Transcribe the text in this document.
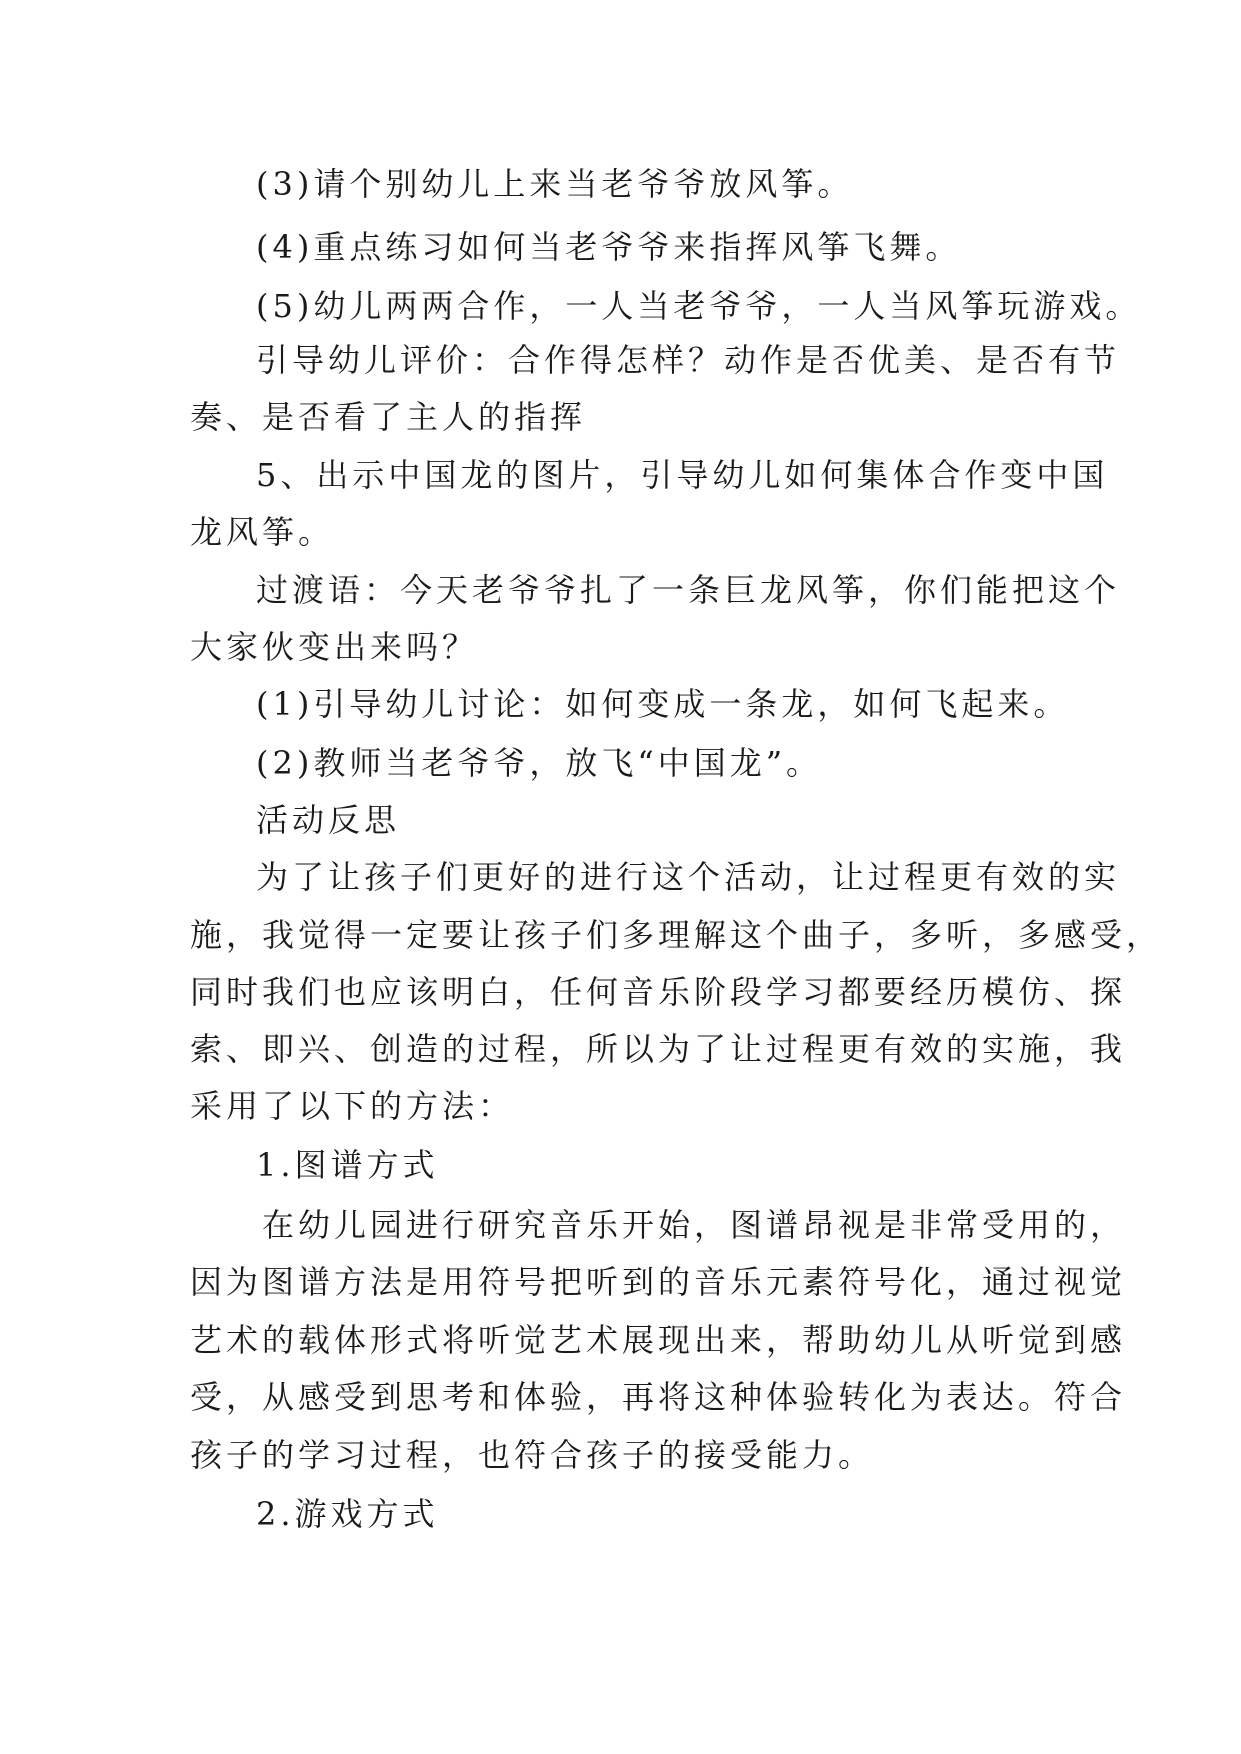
(3)请个别幼儿上来当老爷爷放风筝。
(4)重点练习如何当老爷爷来指挥风筝飞舞。
(5)幼儿两两合作，一人当老爷爷，一人当风筝玩游戏。
引导幼儿评价：合作得怎样？动作是否优美、是否有节
奏、是否看了主人的指挥
5、出示中国龙的图片，引导幼儿如何集体合作变中国
龙风筝。
过渡语：今天老爷爷扎了一条巨龙风筝，你们能把这个
大家伙变出来吗？
(1)引导幼儿讨论：如何变成一条龙，如何飞起来。
(2)教师当老爷爷，放飞“中国龙”。
活动反思
为了让孩子们更好的进行这个活动，让过程更有效的实
施，我觉得一定要让孩子们多理解这个曲子，多听，多感受，
同时我们也应该明白，任何音乐阶段学习都要经历模仿、探
索、即兴、创造的过程，所以为了让过程更有效的实施，我
采用了以下的方法：
1.图谱方式
在幼儿园进行研究音乐开始，图谱昂视是非常受用的，
因为图谱方法是用符号把听到的音乐元素符号化，通过视觉
艺术的载体形式将听觉艺术展现出来，帮助幼儿从听觉到感
受，从感受到思考和体验，再将这种体验转化为表达。符合
孩子的学习过程，也符合孩子的接受能力。
2.游戏方式
